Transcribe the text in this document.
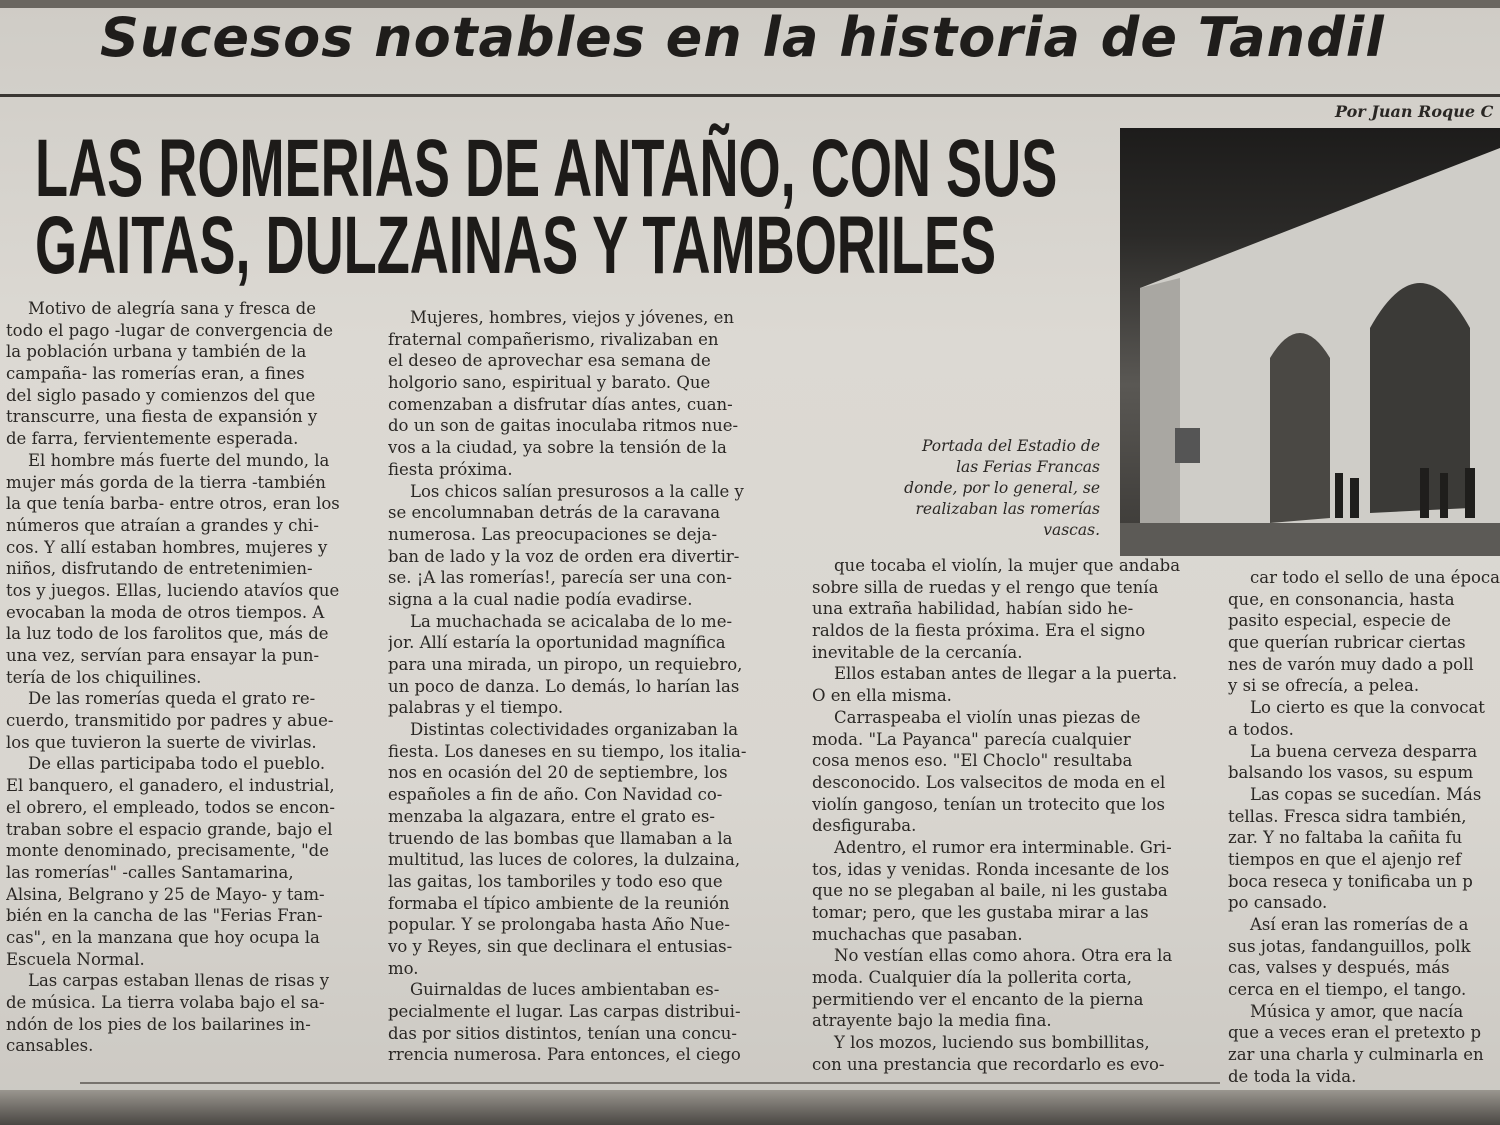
Sucesos notables en la historia de Tandil
Por Juan Roque C
LAS ROMERIAS DE ANTAÑO, CON SUS
GAITAS, DULZAINAS Y TAMBORILES
Portada del Estadio de
las Ferias Francas
donde, por lo general, se
realizaban las romerías
vascas.
Motivo de alegría sana y fresca de
todo el pago -lugar de convergencia de
la población urbana y también de la
campaña- las romerías eran, a fines
del siglo pasado y comienzos del que
transcurre, una fiesta de expansión y
de farra, fervientemente esperada.
El hombre más fuerte del mundo, la
mujer más gorda de la tierra -también
la que tenía barba- entre otros, eran los
números que atraían a grandes y chi-
cos. Y allí estaban hombres, mujeres y
niños, disfrutando de entretenimien-
tos y juegos. Ellas, luciendo atavíos que
evocaban la moda de otros tiempos. A
la luz todo de los farolitos que, más de
una vez, servían para ensayar la pun-
tería de los chiquilines.
De las romerías queda el grato re-
cuerdo, transmitido por padres y abue-
los que tuvieron la suerte de vivirlas.
De ellas participaba todo el pueblo.
El banquero, el ganadero, el industrial,
el obrero, el empleado, todos se encon-
traban sobre el espacio grande, bajo el
monte denominado, precisamente, "de
las romerías" -calles Santamarina,
Alsina, Belgrano y 25 de Mayo- y tam-
bién en la cancha de las "Ferias Fran-
cas", en la manzana que hoy ocupa la
Escuela Normal.
Las carpas estaban llenas de risas y
de música. La tierra volaba bajo el sa-
ndón de los pies de los bailarines in-
cansables.
Mujeres, hombres, viejos y jóvenes, en
fraternal compañerismo, rivalizaban en
el deseo de aprovechar esa semana de
holgorio sano, espiritual y barato. Que
comenzaban a disfrutar días antes, cuan-
do un son de gaitas inoculaba ritmos nue-
vos a la ciudad, ya sobre la tensión de la
fiesta próxima.
Los chicos salían presurosos a la calle y
se encolumnaban detrás de la caravana
numerosa. Las preocupaciones se deja-
ban de lado y la voz de orden era divertir-
se. ¡A las romerías!, parecía ser una con-
signa a la cual nadie podía evadirse.
La muchachada se acicalaba de lo me-
jor. Allí estaría la oportunidad magnífica
para una mirada, un piropo, un requiebro,
un poco de danza. Lo demás, lo harían las
palabras y el tiempo.
Distintas colectividades organizaban la
fiesta. Los daneses en su tiempo, los italia-
nos en ocasión del 20 de septiembre, los
españoles a fin de año. Con Navidad co-
menzaba la algazara, entre el grato es-
truendo de las bombas que llamaban a la
multitud, las luces de colores, la dulzaina,
las gaitas, los tamboriles y todo eso que
formaba el típico ambiente de la reunión
popular. Y se prolongaba hasta Año Nue-
vo y Reyes, sin que declinara el entusias-
mo.
Guirnaldas de luces ambientaban es-
pecialmente el lugar. Las carpas distribui-
das por sitios distintos, tenían una concu-
rrencia numerosa. Para entonces, el ciego
que tocaba el violín, la mujer que andaba
sobre silla de ruedas y el rengo que tenía
una extraña habilidad, habían sido he-
raldos de la fiesta próxima. Era el signo
inevitable de la cercanía.
Ellos estaban antes de llegar a la puerta.
O en ella misma.
Carraspeaba el violín unas piezas de
moda. "La Payanca" parecía cualquier
cosa menos eso. "El Choclo" resultaba
desconocido. Los valsecitos de moda en el
violín gangoso, tenían un trotecito que los
desfiguraba.
Adentro, el rumor era interminable. Gri-
tos, idas y venidas. Ronda incesante de los
que no se plegaban al baile, ni les gustaba
tomar; pero, que les gustaba mirar a las
muchachas que pasaban.
No vestían ellas como ahora. Otra era la
moda. Cualquier día la pollerita corta,
permitiendo ver el encanto de la pierna
atrayente bajo la media fina.
Y los mozos, luciendo sus bombillitas,
con una prestancia que recordarlo es evo-
car todo el sello de una época
que, en consonancia, hasta
pasito especial, especie de
que querían rubricar ciertas
nes de varón muy dado a poll
y si se ofrecía, a pelea.
Lo cierto es que la convocat
a todos.
La buena cerveza desparra
balsando los vasos, su espum
Las copas se sucedían. Más
tellas. Fresca sidra también,
zar. Y no faltaba la cañita fu
tiempos en que el ajenjo ref
boca reseca y tonificaba un p
po cansado.
Así eran las romerías de a
sus jotas, fandanguillos, polk
cas, valses y después, más
cerca en el tiempo, el tango.
Música y amor, que nacía
que a veces eran el pretexto p
zar una charla y culminarla en
de toda la vida.
